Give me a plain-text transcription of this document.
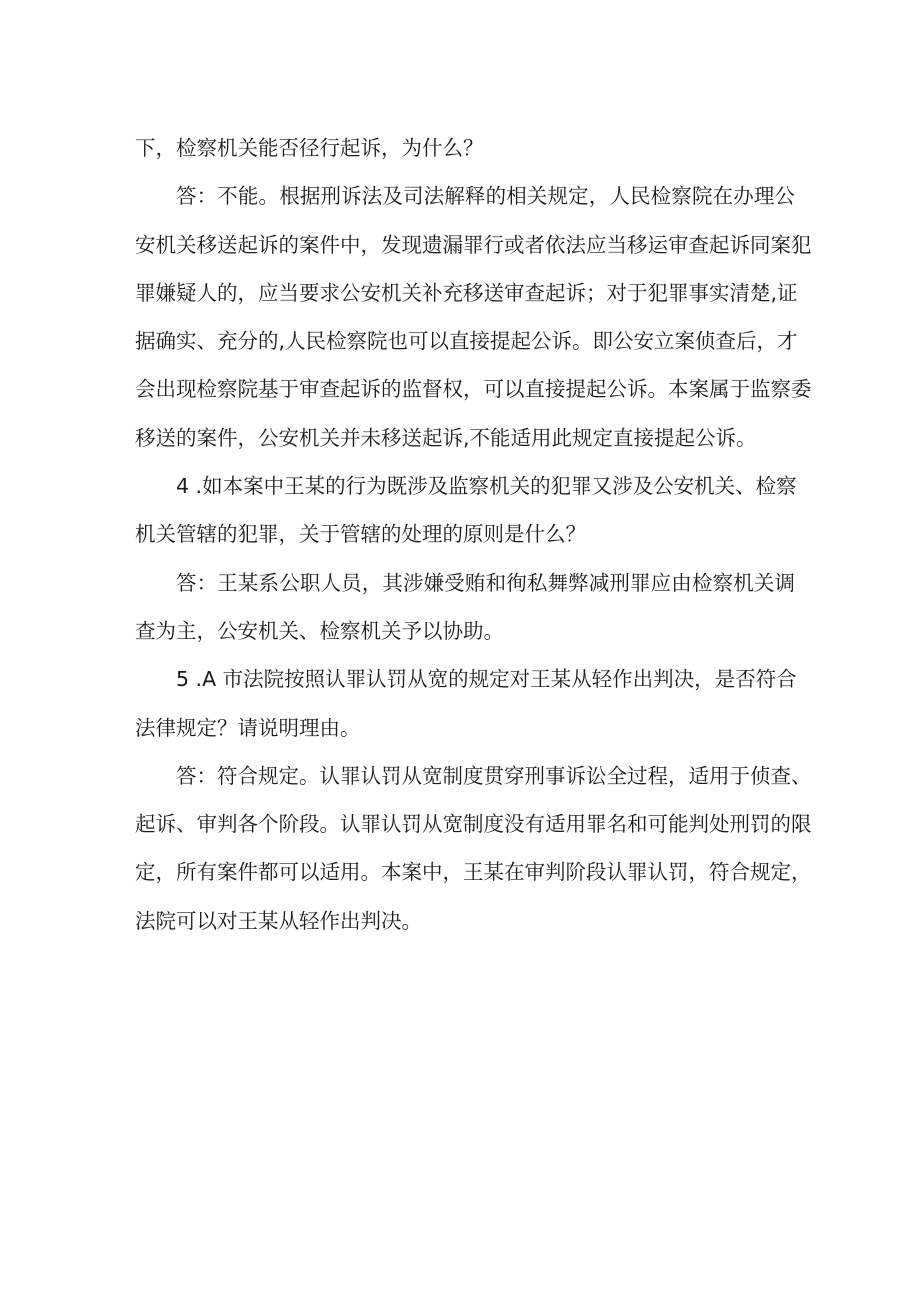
下，检察机关能否径行起诉，为什么？
答：不能。根据刑诉法及司法解释的相关规定，人民检察院在办理公
安机关移送起诉的案件中，发现遗漏罪行或者依法应当移运审查起诉同案犯
罪嫌疑人的，应当要求公安机关补充移送审查起诉；对于犯罪事实清楚,证
据确实、充分的,人民检察院也可以直接提起公诉。即公安立案侦查后，才
会出现检察院基于审查起诉的监督权，可以直接提起公诉。本案属于监察委
移送的案件，公安机关并未移送起诉,不能适用此规定直接提起公诉。
4 .如本案中王某的行为既涉及监察机关的犯罪又涉及公安机关、检察
机关管辖的犯罪，关于管辖的处理的原则是什么？
答：王某系公职人员，其涉嫌受贿和徇私舞弊减刑罪应由检察机关调
查为主，公安机关、检察机关予以协助。
5 .A 市法院按照认罪认罚从宽的规定对王某从轻作出判决，是否符合
法律规定？请说明理由。
答：符合规定。认罪认罚从宽制度贯穿刑事诉讼全过程，适用于侦查、
起诉、审判各个阶段。认罪认罚从宽制度没有适用罪名和可能判处刑罚的限
定，所有案件都可以适用。本案中，王某在审判阶段认罪认罚，符合规定，
法院可以对王某从轻作出判决。
